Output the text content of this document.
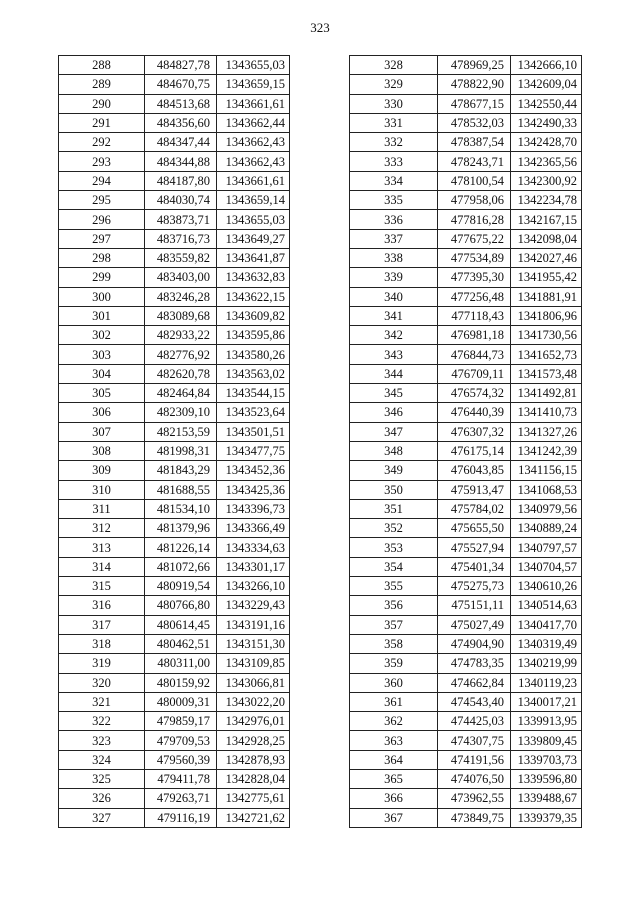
323
288	484827,78	1343655,03
289	484670,75	1343659,15
290	484513,68	1343661,61
291	484356,60	1343662,44
292	484347,44	1343662,43
293	484344,88	1343662,43
294	484187,80	1343661,61
295	484030,74	1343659,14
296	483873,71	1343655,03
297	483716,73	1343649,27
298	483559,82	1343641,87
299	483403,00	1343632,83
300	483246,28	1343622,15
301	483089,68	1343609,82
302	482933,22	1343595,86
303	482776,92	1343580,26
304	482620,78	1343563,02
305	482464,84	1343544,15
306	482309,10	1343523,64
307	482153,59	1343501,51
308	481998,31	1343477,75
309	481843,29	1343452,36
310	481688,55	1343425,36
311	481534,10	1343396,73
312	481379,96	1343366,49
313	481226,14	1343334,63
314	481072,66	1343301,17
315	480919,54	1343266,10
316	480766,80	1343229,43
317	480614,45	1343191,16
318	480462,51	1343151,30
319	480311,00	1343109,85
320	480159,92	1343066,81
321	480009,31	1343022,20
322	479859,17	1342976,01
323	479709,53	1342928,25
324	479560,39	1342878,93
325	479411,78	1342828,04
326	479263,71	1342775,61
327	479116,19	1342721,62
328	478969,25	1342666,10
329	478822,90	1342609,04
330	478677,15	1342550,44
331	478532,03	1342490,33
332	478387,54	1342428,70
333	478243,71	1342365,56
334	478100,54	1342300,92
335	477958,06	1342234,78
336	477816,28	1342167,15
337	477675,22	1342098,04
338	477534,89	1342027,46
339	477395,30	1341955,42
340	477256,48	1341881,91
341	477118,43	1341806,96
342	476981,18	1341730,56
343	476844,73	1341652,73
344	476709,11	1341573,48
345	476574,32	1341492,81
346	476440,39	1341410,73
347	476307,32	1341327,26
348	476175,14	1341242,39
349	476043,85	1341156,15
350	475913,47	1341068,53
351	475784,02	1340979,56
352	475655,50	1340889,24
353	475527,94	1340797,57
354	475401,34	1340704,57
355	475275,73	1340610,26
356	475151,11	1340514,63
357	475027,49	1340417,70
358	474904,90	1340319,49
359	474783,35	1340219,99
360	474662,84	1340119,23
361	474543,40	1340017,21
362	474425,03	1339913,95
363	474307,75	1339809,45
364	474191,56	1339703,73
365	474076,50	1339596,80
366	473962,55	1339488,67
367	473849,75	1339379,35
